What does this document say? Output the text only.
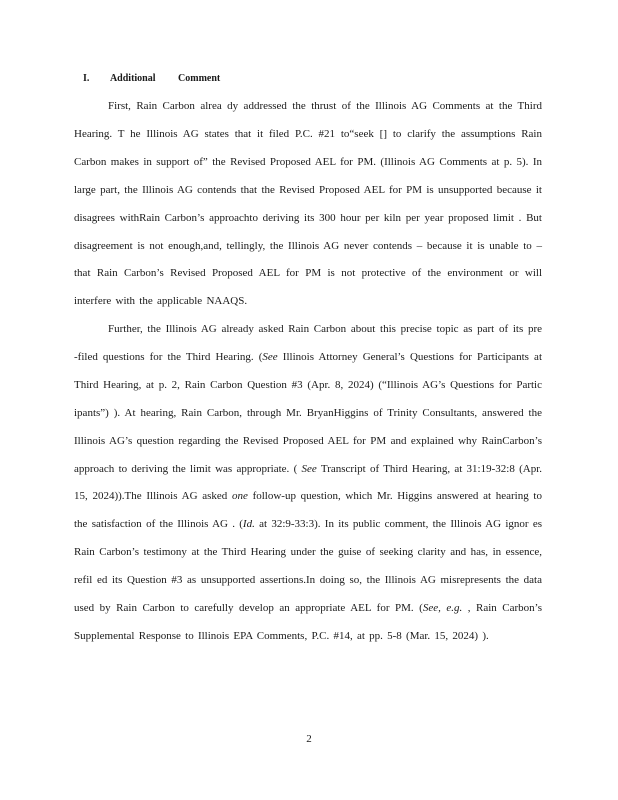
I. Additional Comment

First, Rain Carbon alrea dy addressed the thrust of the Illinois AG Comments at the Third Hearing. T he Illinois AG states that it filed P.C. #21 to“seek [] to clarify the assumptions Rain Carbon makes in support of” the Revised Proposed AEL for PM. (Illinois AG Comments at p. 5). In large part, the Illinois AG contends that the Revised Proposed AEL for PM is unsupported because it disagrees withRain Carbon’s approachto deriving its 300 hour per kiln per year proposed limit . But disagreement is not enough,and, tellingly, the Illinois AG never contends – because it is unable to – that Rain Carbon’s Revised Proposed AEL for PM is not protective of the environment or will interfere with the applicable NAAQS.

Further, the Illinois AG already asked Rain Carbon about this precise topic as part of its pre -filed questions for the Third Hearing. (See Illinois Attorney General’s Questions for Participants at Third Hearing, at p. 2, Rain Carbon Question #3 (Apr. 8, 2024) (“Illinois AG’s Questions for Partic ipants”) ). At hearing, Rain Carbon, through Mr. BryanHiggins of Trinity Consultants, answered the Illinois AG’s question regarding the Revised Proposed AEL for PM and explained why RainCarbon’s approach to deriving the limit was appropriate. ( See Transcript of Third Hearing, at 31:19-32:8 (Apr. 15, 2024)).The Illinois AG asked one follow-up question, which Mr. Higgins answered at hearing to the satisfaction of the Illinois AG . (Id. at 32:9-33:3). In its public comment, the Illinois AG ignor es Rain Carbon’s testimony at the Third Hearing under the guise of seeking clarity and has, in essence, refil ed its Question #3 as unsupported assertions.In doing so, the Illinois AG misrepresents the data used by Rain Carbon to carefully develop an appropriate AEL for PM. (See, e.g. , Rain Carbon’s Supplemental Response to Illinois EPA Comments, P.C. #14, at pp. 5-8 (Mar. 15, 2024) ).

2
